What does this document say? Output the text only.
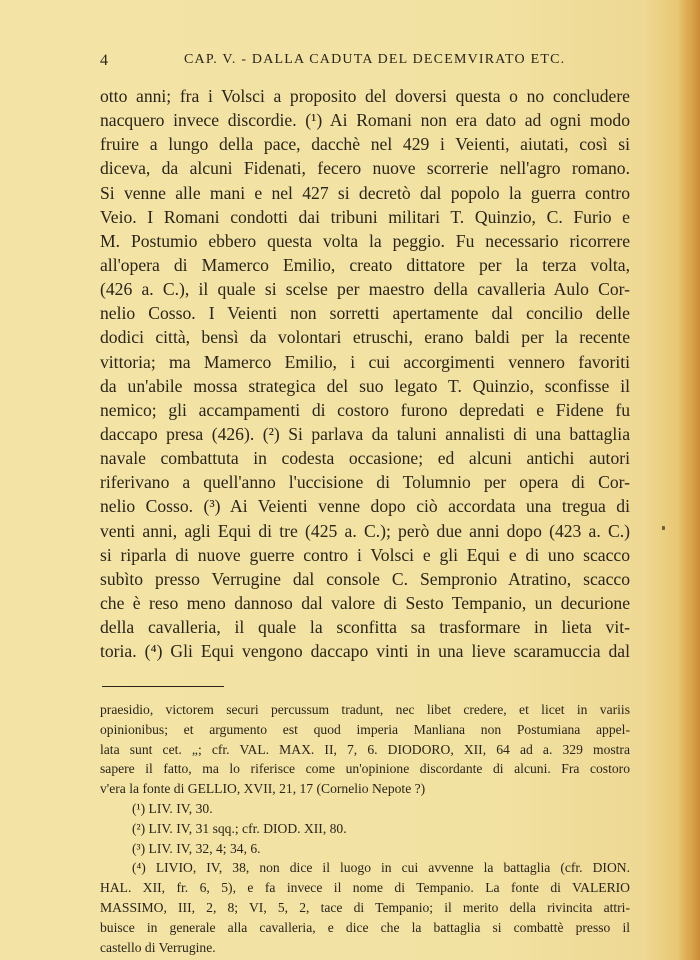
4	CAP. V. - DALLA CADUTA DEL DECEMVIRATO ETC.
otto anni; fra i Volsci a proposito del doversi questa o no concludere
nacquero invece discordie. (¹) Ai Romani non era dato ad ogni modo
fruire a lungo della pace, dacchè nel 429 i Veienti, aiutati, così si
diceva, da alcuni Fidenati, fecero nuove scorrerie nell'agro romano.
Si venne alle mani e nel 427 si decretò dal popolo la guerra contro
Veio. I Romani condotti dai tribuni militari T. Quinzio, C. Furio e
M. Postumio ebbero questa volta la peggio. Fu necessario ricorrere
all'opera di Mamerco Emilio, creato dittatore per la terza volta,
(426 a. C.), il quale si scelse per maestro della cavalleria Aulo Cor-
nelio Cosso. I Veienti non sorretti apertamente dal concilio delle
dodici città, bensì da volontari etruschi, erano baldi per la recente
vittoria; ma Mamerco Emilio, i cui accorgimenti vennero favoriti
da un'abile mossa strategica del suo legato T. Quinzio, sconfisse il
nemico; gli accampamenti di costoro furono depredati e Fidene fu
daccapo presa (426). (²) Si parlava da taluni annalisti di una battaglia
navale combattuta in codesta occasione; ed alcuni antichi autori
riferivano a quell'anno l'uccisione di Tolumnio per opera di Cor-
nelio Cosso. (³) Ai Veienti venne dopo ciò accordata una tregua di
venti anni, agli Equi di tre (425 a. C.); però due anni dopo (423 a. C.)
si riparla di nuove guerre contro i Volsci e gli Equi e di uno scacco
subìto presso Verrugine dal console C. Sempronio Atratino, scacco
che è reso meno dannoso dal valore di Sesto Tempanio, un decurione
della cavalleria, il quale la sconfitta sa trasformare in lieta vit-
toria. (⁴) Gli Equi vengono daccapo vinti in una lieve scaramuccia dal
praesidio, victorem securi percussum tradunt, nec libet credere, et licet in variis
opinionibus; et argumento est quod imperia Manliana non Postumiana appel-
lata sunt cet. „; cfr. VAL. MAX. II, 7, 6. DIODORO, XII, 64 ad a. 329 mostra
sapere il fatto, ma lo riferisce come un'opinione discordante di alcuni. Fra costoro
v'era la fonte di GELLIO, XVII, 21, 17 (Cornelio Nepote ?)
(¹) LIV. IV, 30.
(²) LIV. IV, 31 sqq.; cfr. DIOD. XII, 80.
(³) LIV. IV, 32, 4; 34, 6.
(⁴) LIVIO, IV, 38, non dice il luogo in cui avvenne la battaglia (cfr. DION.
HAL. XII, fr. 6, 5), e fa invece il nome di Tempanio. La fonte di VALERIO
MASSIMO, III, 2, 8; VI, 5, 2, tace di Tempanio; il merito della rivincita attri-
buisce in generale alla cavalleria, e dice che la battaglia si combattè presso il
castello di Verrugine.
